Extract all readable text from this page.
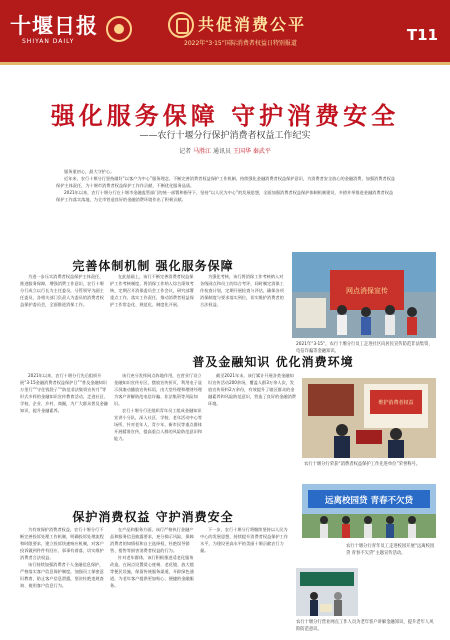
十堰日报
SHIYAN DAILY
共促消费公平
2022年“3·15”国际消费者权益日特别报道	T11
强化服务保障 守护消费安全
——农行十堰分行保护消费者权益工作纪实
记者 马胜江 通讯员 王国华 秦武平

服务重初心，最大守护心。

近年来，农行十堰分行坚持做好“以客户为中心”服务理念，不断完善消费者权益保护工作机制，持续强化金融消费者权益保护意识，为消费者安全放心的金融消费，加强消费者权益保护主体责任，为十堰市消费者权益保护工作作贡献，不断优化服务品质。

2021年以来，农行十堰分行在十堰市金融监管部门的统一部署和指导下，坚持“以人民为中心”的发展思想，全面加强消费者权益保护体制机制建设，多措并举推进金融消费者权益保护工作落实落地，为全市营造良好的金融消费环境作出了积极贡献。

完善体制机制 强化服务保障

为进一步压实消费者权益保护主体责任，推进服务保障，增强消费工作意识，农行十堰分行成立以行长为主任委员，分管领导为副主任委员，各相关部门负责人为委员的消费者权益保护委员会，全面推进消保工作。

在此基础上，该行不断完善消费者权益保护工作考核制度，将消保工作纳入综合绩效考核，定期召开消保委员会工作会议，研究部署重点工作，落实工作责任，推动消费者权益保护工作常态化、规范化、制度化开展。

为强化考核，该行将消保工作考核纳入对各级网点和员工的综合考评，同时制定消保工作检查计划，定期开展检查与评估，确保各项消保制度与要求落实到位，切实维护消费者的合法权益。

网点消保宣传
2021年“3·15”，农行十堰分行员工走进社区向居民宣传防范非法集资、电信诈骗等金融知识。
普及金融知识 优化消费环境

2021年以来，农行十堰分行先后组织开展“3·15金融消费者权益保护日”“普及金融知识万里行”“守住钱袋子”“防范非法集资宣传月”等形式多样的金融知识宣传教育活动，走进社区、学校、企业、乡村、商圈，为广大群众普及金融知识，提升金融素养。

该行充分发挥网点阵地作用，在营业厅设立金融知识宣传专区，摆放宣传折页，利用电子显示屏滚动播放宣传标语，由大堂经理和理财经理为客户讲解防范电信诈骗、非法集资等风险知识。

农行十堰分行还组织青年员工组成金融知识宣讲小分队，深入社区、学校、老年活动中心等场所，针对老年人、青少年、新市民等重点群体开展精准宣传，提高重点人群的风险防范意识和能力。

截至2021年末，该行累计开展各类金融知识宣传活动200余场，覆盖人群3万余人次，发放宣传资料2万余份，有效提升了辖区群众的金融素养和风险防范意识，营造了良好的金融消费环境。	维护消费者权益
农行十堰分行荣获“消费者权益保护工作先进单位”荣誉称号。
远离校园贷 青春不欠贷
农行十堰分行青年员工走进校园开展“远离校园贷 青春不欠贷”主题宣传活动。
保护消费权益 守护消费安全

为有效保护消费者权益，农行十堰分行不断完善投诉处理工作机制，明确投诉处理流程和时限要求，建立投诉快速响应机制，对客户投诉做到件件有回应、事事有着落，切实维护消费者合法权益。

该行持续加强消费者个人金融信息保护，严格落实客户信息保护制度，加强员工保密意识教育，防止客户信息泄露，坚决杜绝违规查询、使用客户信息行为。

在产品和服务方面，该行严格执行金融产品和服务信息披露要求，充分揭示风险，保障消费者的知情权和自主选择权，杜绝误导销售、搭售等损害消费者权益的行为。

针对老年群体，该行积极推进适老化服务改造，在网点设置爱心座椅、老花镜、放大镜等便民设施，保留传统服务渠道，开辟绿色通道，为老年客户提供更加贴心、便捷的金融服务。

下一步，农行十堰分行将继续坚持以人民为中心的发展思想，持续提升消费者权益保护工作水平，为建设更高水平的美丽十堰贡献农行力量。

农行十堰分行营业网点工作人员为老年客户讲解金融知识，提升老年人风险防范意识。
